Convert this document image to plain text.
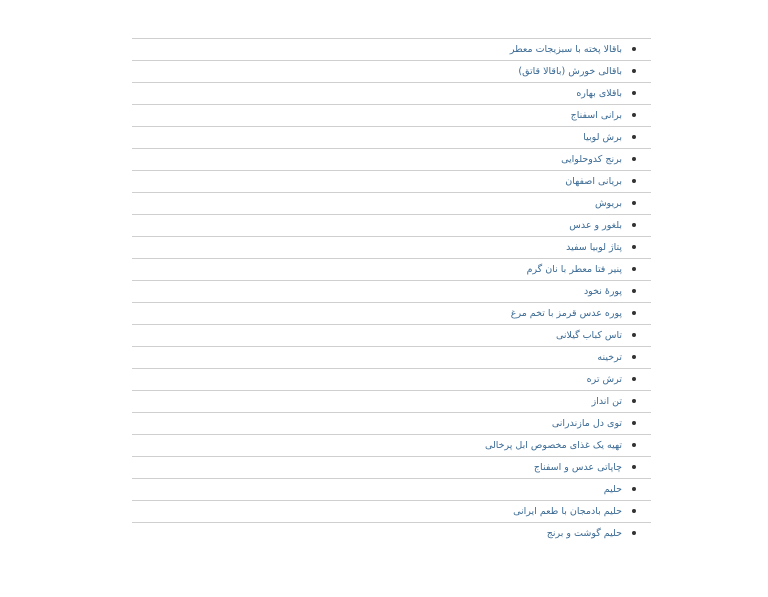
باقالا پخته با سبزیجات معطر
باقالی خورش (باقالا قاتق)
باقلای بهاره
برانی اسفناج
برش لوبیا
برنج کدوحلوایی
بریانی اصفهان
بریوش
بلغور و عدس
پتاژ لوبیا سفید
پنیر فتا معطر با نان گرم
پورهٔ نخود
پوره عدس قرمز با تخم مرغ
تاس کباب گیلانی
ترخینه
ترش تره
تن انداز
توی دل مازندرانی
تهیه یک غذای مخصوص ابل پرخالی
چاپاتی عدس و اسفناج
حلیم
حلیم بادمجان با طعم ایرانی
حلیم گوشت و برنج
